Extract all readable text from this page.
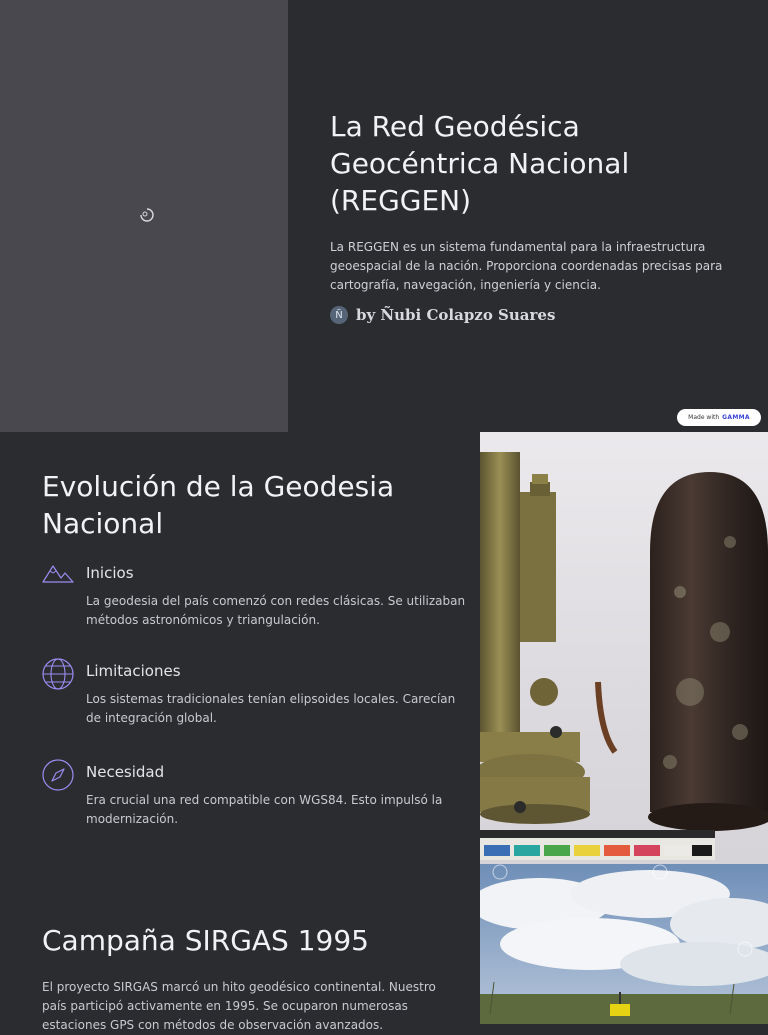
La Red Geodésica Geocéntrica Nacional (REGGEN)

La REGGEN es un sistema fundamental para la infraestructura geoespacial de la nación. Proporciona coordenadas precisas para cartografía, navegación, ingeniería y ciencia.

Ñ by Ñubi Colapzo Suares
Made with GAMMA
Evolución de la Geodesia Nacional
Inicios
La geodesia del país comenzó con redes clásicas. Se utilizaban métodos astronómicos y triangulación.
Limitaciones
Los sistemas tradicionales tenían elipsoides locales. Carecían de integración global.
Necesidad
Era crucial una red compatible con WGS84. Esto impulsó la modernización.
Campaña SIRGAS 1995

El proyecto SIRGAS marcó un hito geodésico continental. Nuestro país participó activamente en 1995. Se ocuparon numerosas estaciones GPS con métodos de observación avanzados.
